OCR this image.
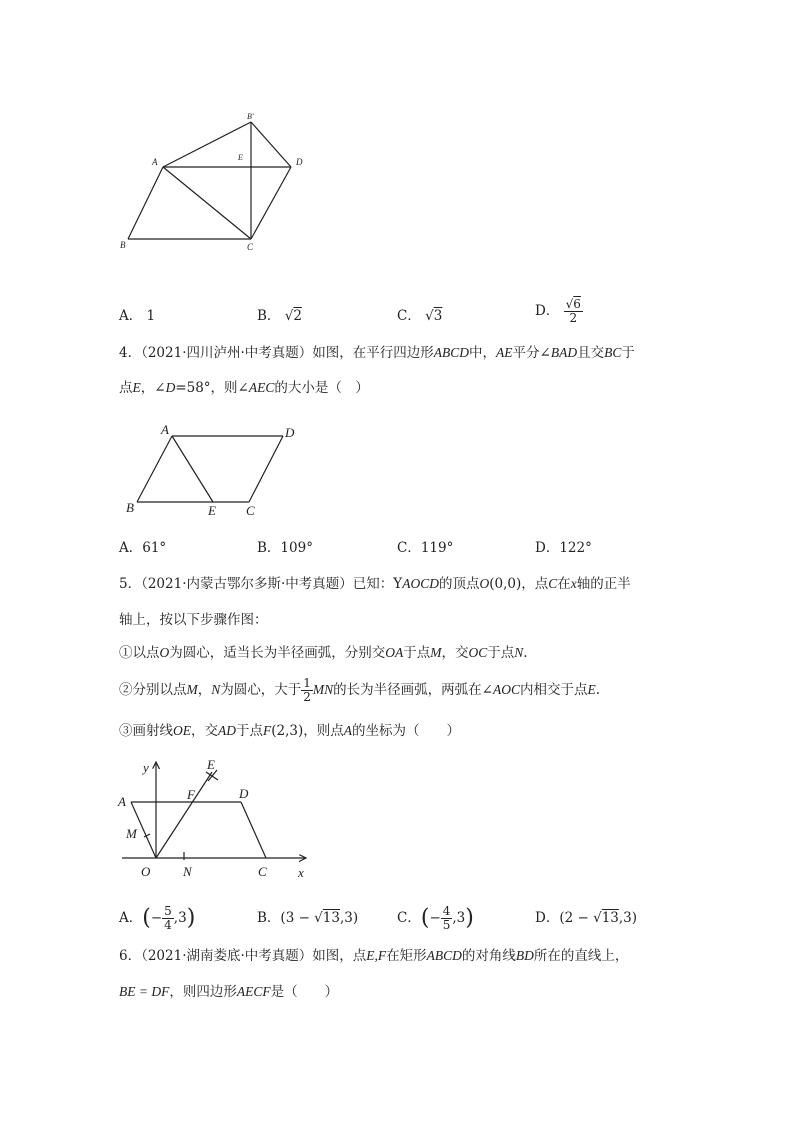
A
B	C
D
E
B'
A． 1	B． √2	C． √3	D． $\frac{√6}{2}$
4．（2021·四川泸州·中考真题）如图，在平行四边形ABCD中，AE平分∠BAD且交BC于
点E，∠D=58°，则∠AEC的大小是（　）
A	D
B	E C
A．61°	B．109°	C．119°	D．122°
5．（2021·内蒙古鄂尔多斯·中考真题）已知：YAOCD的顶点O(0,0)，点C在x轴的正半
轴上，按以下步骤作图：
①以点O为圆心，适当长为半径画弧，分别交OA于点M，交OC于点N.
②分别以点M，N为圆心，大于 $\frac{1}{2}$ MN的长为半径画弧，两弧在∠AOC内相交于点E.
③画射线OE，交AD于点F(2,3)，则点A的坐标为（　　）
y
x
A
D
E
F
M
O	N	C
A．(− $\frac{5}{4} ,3$)	B．(3 − √13,3)	C．(− $\frac{4}{5} ,3$)	D．(2 − √13,3)
6．（2021·湖南娄底·中考真题）如图，点E,F在矩形ABCD的对角线BD所在的直线上，
BE = DF，则四边形AECF是（　　）
